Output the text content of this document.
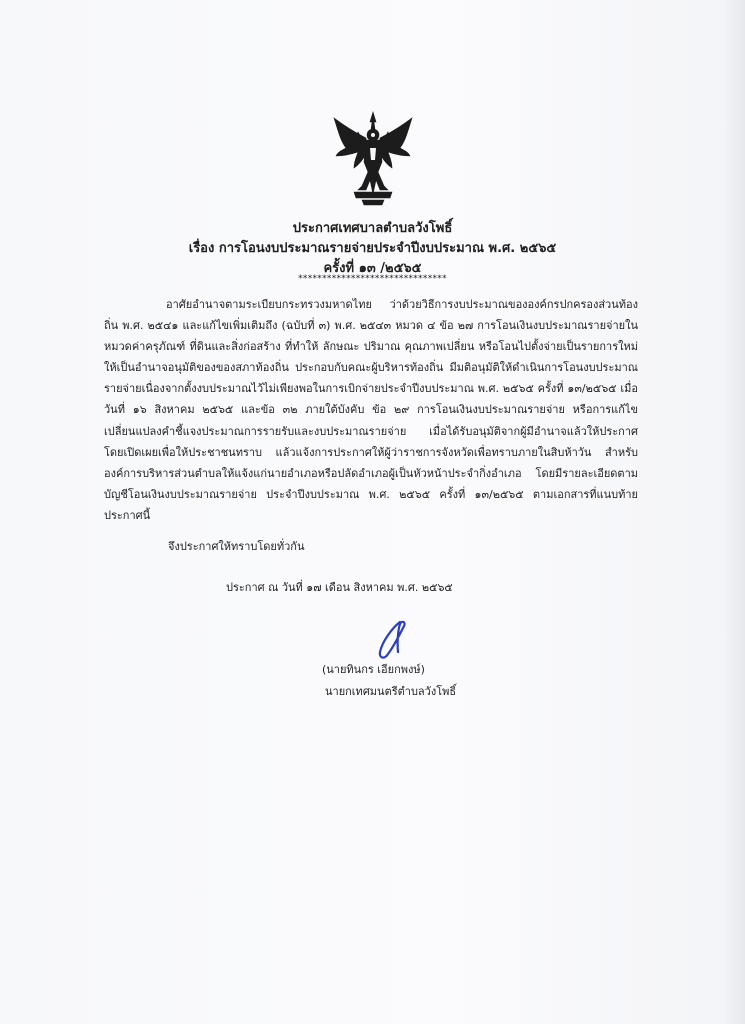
ประกาศเทศบาลตำบลวังโพธิ์
เรื่อง การโอนงบประมาณรายจ่ายประจำปีงบประมาณ พ.ศ. ๒๕๖๕
ครั้งที่ ๑๓ /๒๕๖๕
*******************************
อาศัยอำนาจตามระเบียบกระทรวงมหาดไทย ว่าด้วยวิธีการงบประมาณขององค์กรปกครองส่วนท้องถิ่น พ.ศ. ๒๕๔๑ และแก้ไขเพิ่มเติมถึง (ฉบับที่ ๓) พ.ศ. ๒๕๔๓ หมวด ๔ ข้อ ๒๗ การโอนเงินงบประมาณรายจ่ายในหมวดค่าครุภัณฑ์ ที่ดินและสิ่งก่อสร้าง ที่ทำให้ ลักษณะ ปริมาณ คุณภาพเปลี่ยน หรือโอนไปตั้งจ่ายเป็นรายการใหม่ ให้เป็นอำนาจอนุมัติของของสภาท้องถิ่น ประกอบกับคณะผู้บริหารท้องถิ่น มีมติอนุมัติให้ดำเนินการโอนงบประมาณรายจ่ายเนื่องจากตั้งงบประมาณไว้ไม่เพียงพอในการเบิกจ่ายประจำปีงบประมาณ พ.ศ. ๒๕๖๕ ครั้งที่ ๑๓/๒๕๖๕ เมื่อวันที่ ๑๖ สิงหาคม ๒๕๖๕ และข้อ ๓๒ ภายใต้บังคับ ข้อ ๒๙ การโอนเงินงบประมาณรายจ่าย หรือการแก้ไขเปลี่ยนแปลงคำชี้แจงประมาณการรายรับและงบประมาณรายจ่าย เมื่อได้รับอนุมัติจากผู้มีอำนาจแล้วให้ประกาศโดยเปิดเผยเพื่อให้ประชาชนทราบ แล้วแจ้งการประกาศให้ผู้ว่าราชการจังหวัดเพื่อทราบภายในสิบห้าวัน สำหรับองค์การบริหารส่วนตำบลให้แจ้งแก่นายอำเภอหรือปลัดอำเภอผู้เป็นหัวหน้าประจำกิ่งอำเภอ โดยมีรายละเอียดตามบัญชีโอนเงินงบประมาณรายจ่าย ประจำปีงบประมาณ พ.ศ. ๒๕๖๕ ครั้งที่ ๑๓/๒๕๖๕ ตามเอกสารที่แนบท้ายประกาศนี้
จึงประกาศให้ทราบโดยทั่วกัน
ประกาศ ณ วันที่ ๑๗ เดือน สิงหาคม พ.ศ. ๒๕๖๕
(นายทินกร เอียกพงษ์)
นายกเทศมนตรีตำบลวังโพธิ์
